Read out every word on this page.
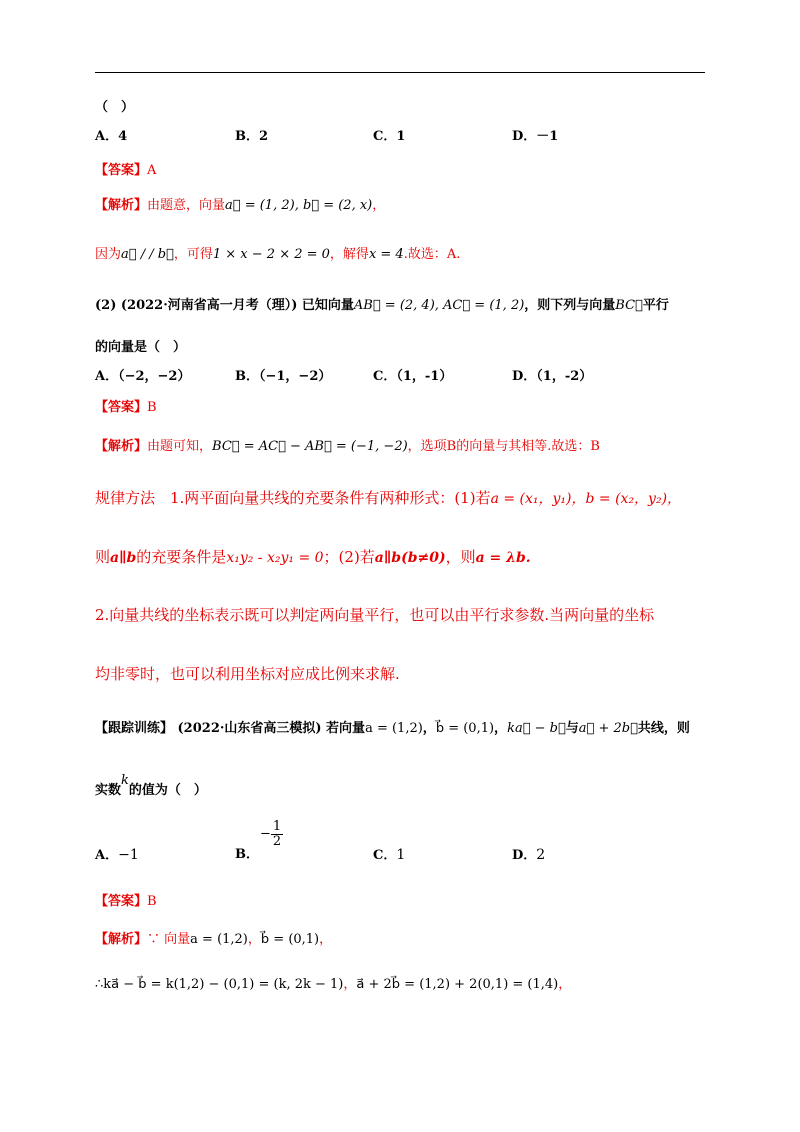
（　）
A．4	B．2	C．1	D．－1
【答案】A
【解析】由题意，向量a⃗ = (1, 2), b⃗ = (2, x)，
因为a⃗ / / b⃗，可得1 × x − 2 × 2 = 0，解得x = 4.故选：A.
(2) (2022·河南省高一月考（理）) 已知向量AB⃗ = (2, 4), AC⃗ = (1, 2)，则下列与向量BC⃗平行
的向量是（　）
A．（−2，−2）	B．（−1，−2）	C．（1，-1）	D．（1，-2）
【答案】B
【解析】由题可知，BC⃗ = AC⃗ − AB⃗ = (−1, −2)，选项B的向量与其相等.故选：B
规律方法　1.两平面向量共线的充要条件有两种形式：(1)若a = (x₁，y₁)，b = (x₂，y₂)，
则a∥b的充要条件是x₁y₂ - x₂y₁ = 0；(2)若a∥b(b≠0)，则a = λb.
2.向量共线的坐标表示既可以判定两向量平行，也可以由平行求参数.当两向量的坐标
均非零时，也可以利用坐标对应成比例来求解.
【跟踪训练】 (2022·山东省高三模拟) 若向量a = (1,2)，b⃗ = (0,1)，ka⃗ − b⃗与a⃗ + 2b⃗共线，则
实数k的值为（　）
A．−1	B．
− $\frac{1}{2}$
C．1	D．2
【答案】B
【解析】∵ 向量a = (1,2)，b⃗ = (0,1)，
∴ka⃗ − b⃗ = k(1,2) − (0,1) = (k, 2k − 1)，a⃗ + 2b⃗ = (1,2) + 2(0,1) = (1,4)，
